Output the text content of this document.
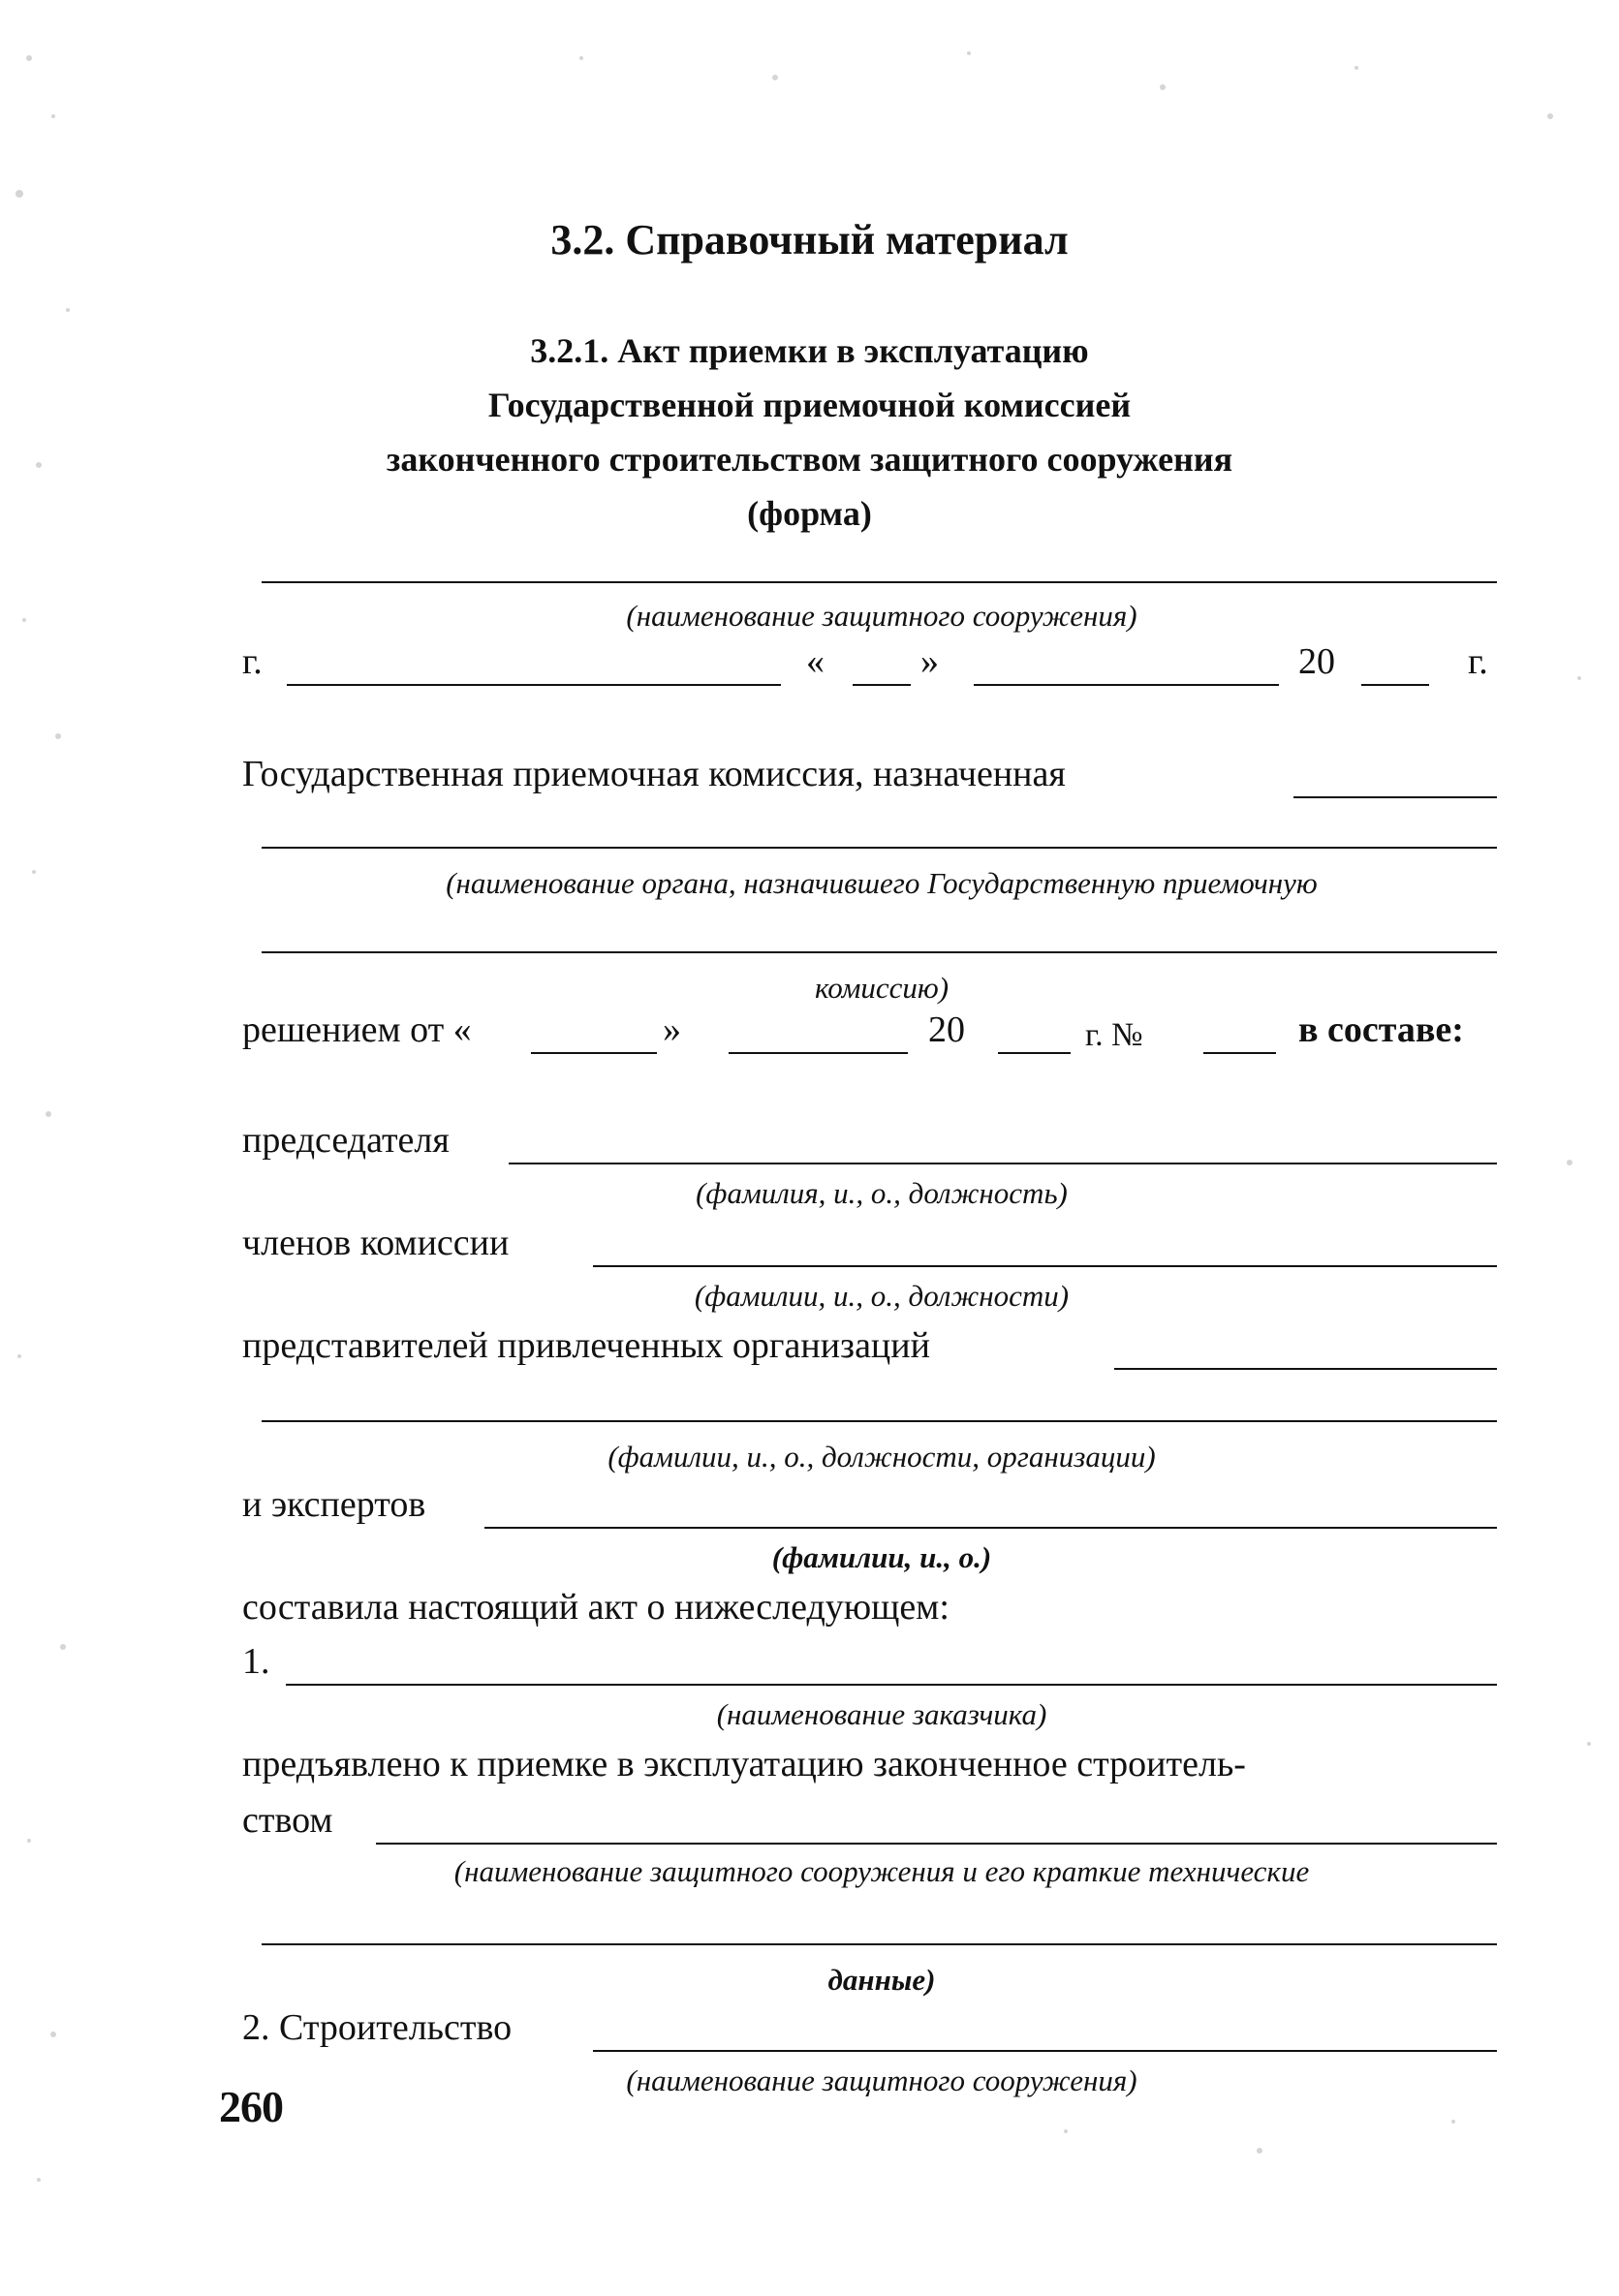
3.2. Справочный материал
3.2.1. Акт приемки в эксплуатацию
Государственной приемочной комиссией
законченного строительством защитного сооружения
(форма)
(наименование защитного сооружения)
г.	«	»	20	г.
Государственная приемочная комиссия, назначенная
(наименование органа, назначившего Государственную приемочную
комиссию)
решением от «	»	20	г. №	в составе:
председателя
(фамилия, и., о., должность)
членов комиссии
(фамилии, и., о., должности)
представителей привлеченных организаций
(фамилии, и., о., должности, организации)
и экспертов
(фамилии, и., о.)
составила настоящий акт о нижеследующем:
1.
(наименование заказчика)
предъявлено к приемке в эксплуатацию законченное строитель-
ством
(наименование защитного сооружения и его краткие технические
данные)
2. Строительство
(наименование защитного сооружения)
260
